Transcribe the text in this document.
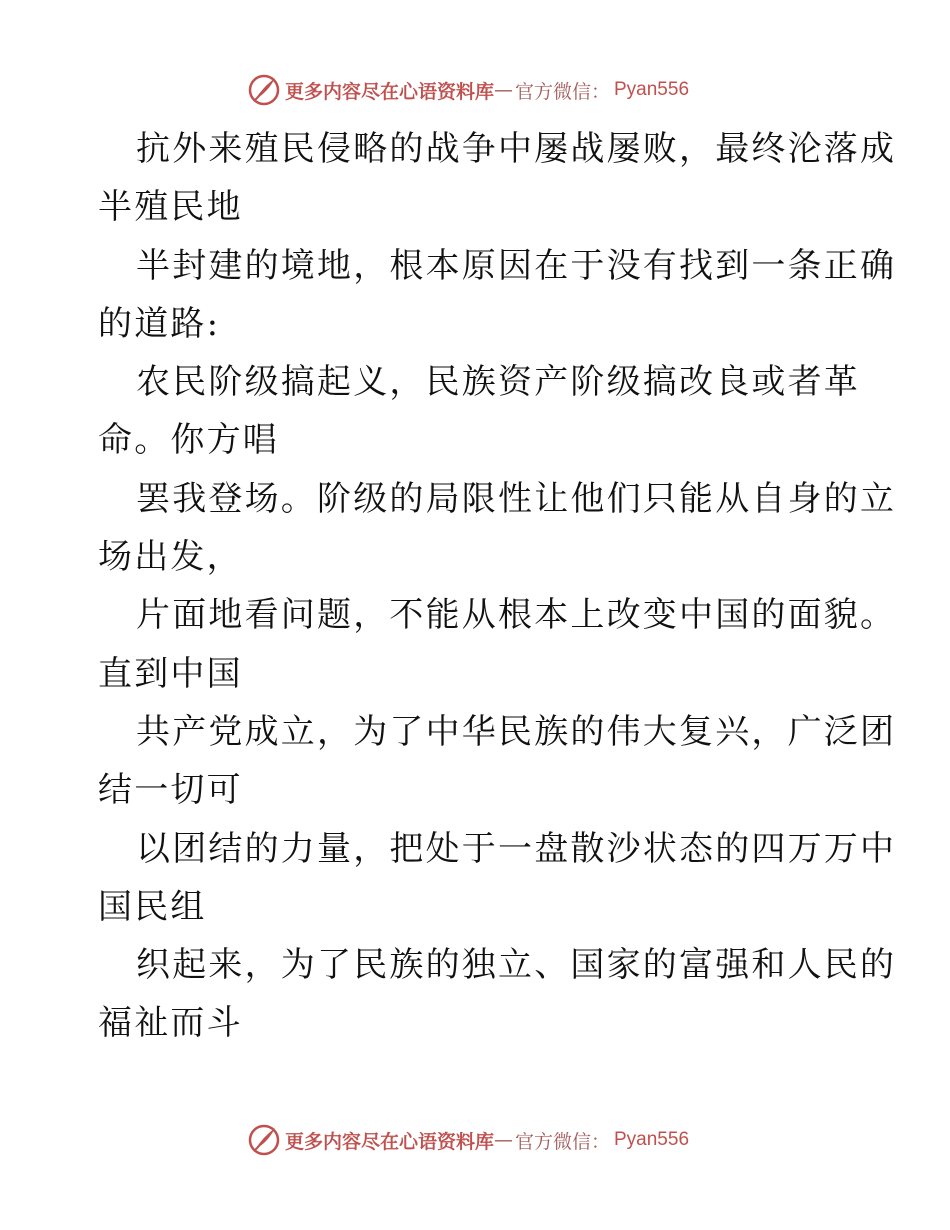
更多内容尽在心语资料库 — 官方微信： Pyan556
抗外来殖民侵略的战争中屡战屡败，最终沦落成
半殖民地
半封建的境地，根本原因在于没有找到一条正确
的道路:
农民阶级搞起义，民族资产阶级搞改良或者革
命。你方唱
罢我登场。阶级的局限性让他们只能从自身的立
场出发，
片面地看问题，不能从根本上改变中国的面貌。
直到中国
共产党成立，为了中华民族的伟大复兴，广泛团
结一切可
以团结的力量，把处于一盘散沙状态的四万万中
国民组
织起来，为了民族的独立、国家的富强和人民的
福祉而斗
更多内容尽在心语资料库 — 官方微信： Pyan556
